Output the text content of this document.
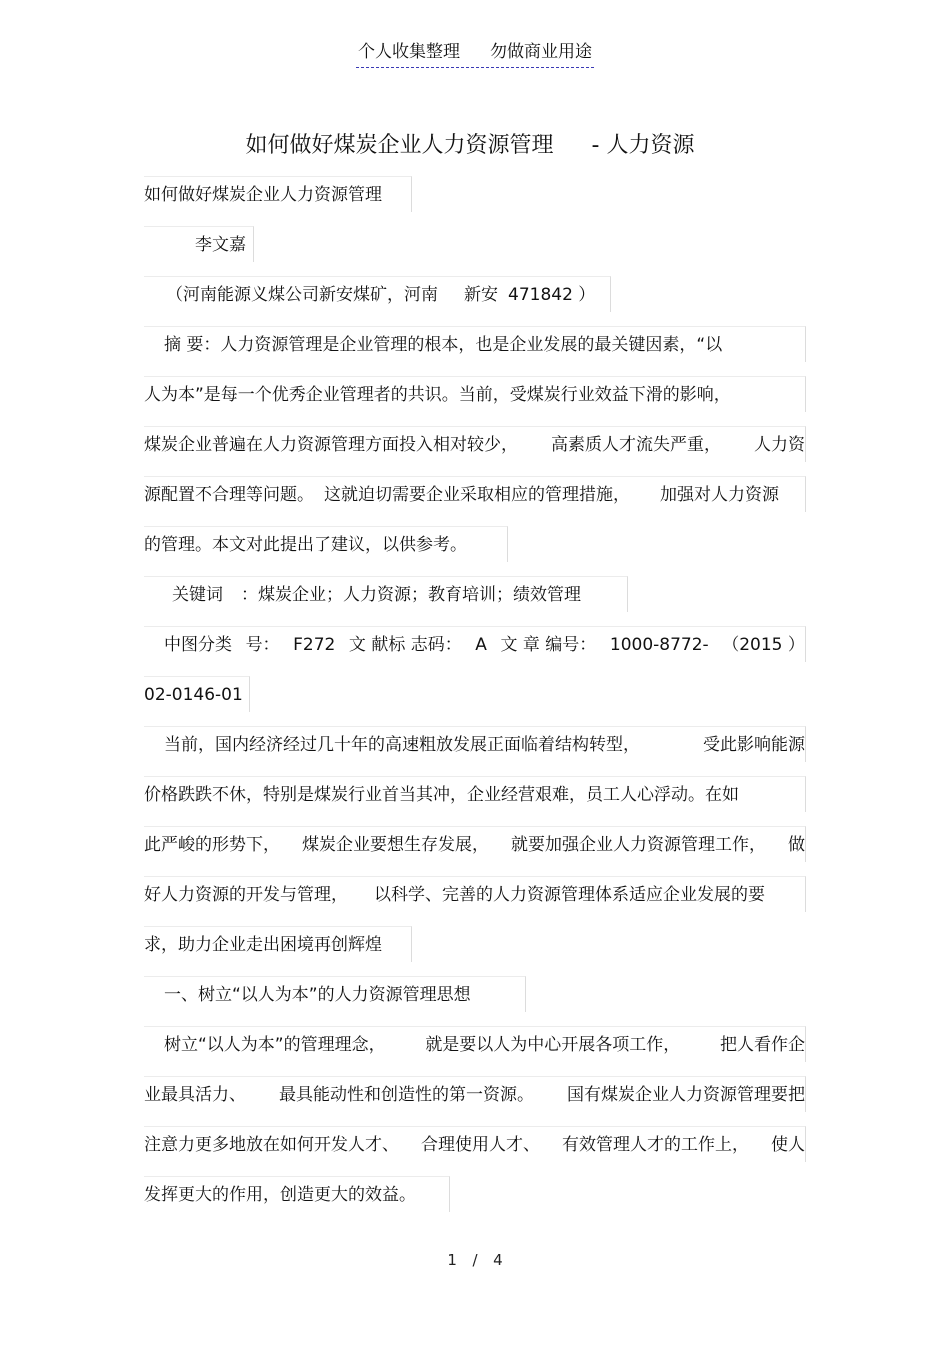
个人收集整理 勿做商业用途
如何做好煤炭企业人力资源管理 - 人力资源
如何做好煤炭企业人力资源管理
李文嘉
（河南能源义煤公司新安煤矿，河南 新安 471842 ）
摘 要：人力资源管理是企业管理的根本，也是企业发展的最关键因素，“以
人为本”是每一个优秀企业管理者的共识。当前，受煤炭行业效益下滑的影响，
煤炭企业普遍在人力资源管理方面投入相对较少， 高素质人才流失严重， 人力资
源配置不合理等问题。 这就迫切需要企业采取相应的管理措施， 加强对人力资源
的管理。本文对此提出了建议，以供参考。
关键词 ：煤炭企业；人力资源；教育培训；绩效管理
中图分类 号： F272 文 献标 志码： A 文 章 编号： 1000-8772- （2015 ）
02-0146-01
当前，国内经济经过几十年的高速粗放发展正面临着结构转型，	受此影响能源
价格跌跌不休，特别是煤炭行业首当其冲，企业经营艰难，员工人心浮动。在如
此严峻的形势下， 煤炭企业要想生存发展， 就要加强企业人力资源管理工作， 做
好人力资源的开发与管理， 以科学、完善的人力资源管理体系适应企业发展的要
求，助力企业走出困境再创辉煌
一、树立“以人为本”的人力资源管理思想
树立“以人为本”的管理理念， 就是要以人为中心开展各项工作， 把人看作企
业最具活力、 最具能动性和创造性的第一资源。 国有煤炭企业人力资源管理要把
注意力更多地放在如何开发人才、 合理使用人才、 有效管理人才的工作上， 使人
发挥更大的作用，创造更大的效益。
1 / 4
